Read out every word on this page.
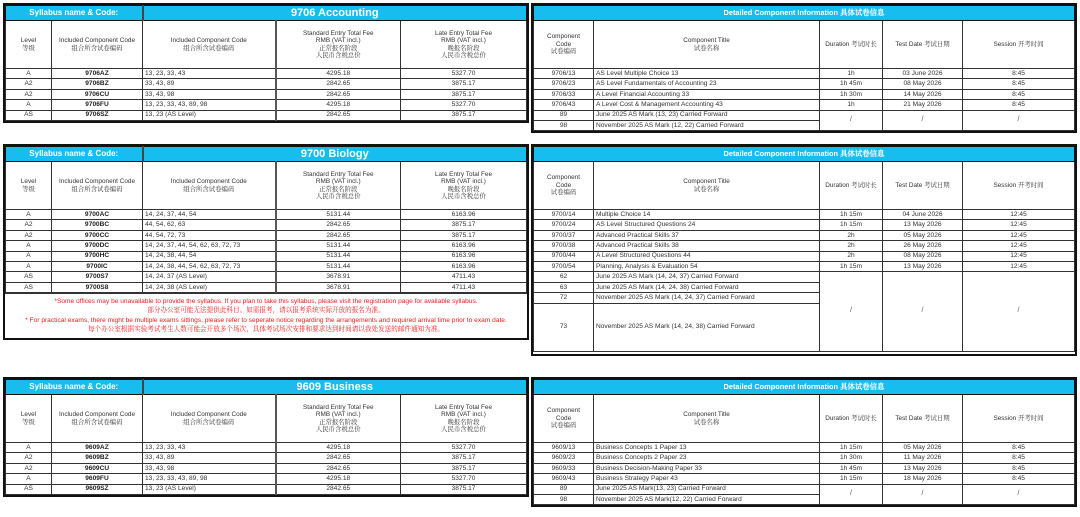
Syllabus name & Code:		9706 Accounting		
Level
等级	Included Component Code
组合所含试卷编码	Included Component Code
组合所含试卷编码	Standard Entry Total Fee
RMB (VAT incl.)
正常报名阶段
人民币含税总价	Late Entry Total Fee
RMB (VAT incl.)
晚报名阶段
人民币含税总价
A	9706AZ	13, 23, 33, 43	4295.18	5327.70
A2	9706BZ	33, 43, 89	2842.65	3875.17
A2	9706CU	33, 43, 98	2842.65	3875.17
A	9706FU	13, 23, 33, 43, 89, 98	4295.18	5327.70
AS	9706SZ	13, 23 (AS Level)	2842.65	3875.17
Detailed Component Information 具体试卷信息				
Component
Code
试卷编码	Component Title
试卷名称	Duration 考试时长	Test Date 考试日期	Session 开考时间
9706/13	AS Level Multiple Choice 13	1h	03 June 2026	8:45
9706/23	AS Level Fundamentals of Accounting 23	1h 45m	08 May 2026	8:45
9706/33	A Level Financial Accounting 33	1h 30m	14 May 2026	8:45
9706/43	A Level Cost & Management Accounting 43	1h	21 May 2026	8:45
89	June 2025 AS Mark (13, 23) Carried Forward	/	/	/
98	November 2025 AS Mark (12, 22) Carried Forward			
Syllabus name & Code:		9700 Biology		
Level
等级	Included Component Code
组合所含试卷编码	Included Component Code
组合所含试卷编码	Standard Entry Total Fee
RMB (VAT incl.)
正常报名阶段
人民币含税总价	Late Entry Total Fee
RMB (VAT incl.)
晚报名阶段
人民币含税总价
A	9700AC	14, 24, 37, 44, 54	5131.44	6163.96
A2	9700BC	44, 54, 62, 63	2842.65	3875.17
A2	9700CC	44, 54, 72, 73	2842.65	3875.17
A	9700DC	14, 24, 37, 44, 54, 62, 63, 72, 73	5131.44	6163.96
A	9700HC	14, 24, 38, 44, 54	5131.44	6163.96
A	9700IC	14, 24, 38, 44, 54, 62, 63, 72, 73	5131.44	6163.96
AS	9700S7	14, 24, 37 (AS Level)	3678.91	4711.43
AS	9700S8	14, 24, 38 (AS Level)	3678.91	4711.43
*Some offices may be unavailable to provide the syllabus. If you plan to take this syllabus, please visit the registration page for available syllabus.
部分办公室可能无法提供此科目。如需报考，请以报考系统实际开放的报名为准。
* For practical exams, there might be multiple exams sittings, please refer to seperate notice regarding the arrangements and required arrival time prior to exam date.
每个办公室根据实验考试考生人数可能会开放多个场次，具体考试场次安排和要求达到时间请以我处发送的邮件通知为准。
Detailed Component Information 具体试卷信息				
Component
Code
试卷编码	Component Title
试卷名称	Duration 考试时长	Test Date 考试日期	Session 开考时间
9700/14	Multiple Choice 14	1h 15m	04 June 2026	12:45
9700/24	AS Level Structured Questions 24	1h 15m	13 May 2026	12:45
9700/37	Advanced Practical Skills 37	2h	05 May 2026	12:45
9700/38	Advanced Practical Skills 38	2h	26 May 2026	12:45
9700/44	A Level Structured Questions 44	2h	08 May 2026	12:45
9700/54	Planning, Analysis & Evaluation 54	1h 15m	13 May 2026	12:45
62	June 2025 AS Mark (14, 24, 37) Carried Forward	/	/	/
63	June 2025 AS Mark (14, 24, 38) Carried Forward			
72	November 2025 AS Mark (14, 24, 37) Carried Forward			
73	November 2025 AS Mark (14, 24, 38) Carried Forward			
Syllabus name & Code:		9609 Business		
Level
等级	Included Component Code
组合所含试卷编码	Included Component Code
组合所含试卷编码	Standard Entry Total Fee
RMB (VAT incl.)
正常报名阶段
人民币含税总价	Late Entry Total Fee
RMB (VAT incl.)
晚报名阶段
人民币含税总价
A	9609AZ	13, 23, 33, 43	4295.18	5327.70
A2	9609BZ	33, 43, 89	2842.65	3875.17
A2	9609CU	33, 43, 98	2842.65	3875.17
A	9609FU	13, 23, 33, 43, 89, 98	4295.18	5327.70
AS	9609SZ	13, 23 (AS Level)	2842.65	3875.17
Detailed Component Information 具体试卷信息				
Component
Code
试卷编码	Component Title
试卷名称	Duration 考试时长	Test Date 考试日期	Session 开考时间
9609/13	Business Concepts 1 Paper 13	1h 15m	05 May 2026	8:45
9609/23	Business Concepts 2 Paper 23	1h 30m	11 May 2026	8:45
9609/33	Business Decision-Making Paper 33	1h 45m	13 May 2026	8:45
9609/43	Business Strategy Paper 43	1h 15m	18 May 2026	8:45
89	June 2025 AS Mark(13, 23) Carried Forward	/	/	/
98	November 2025 AS Mark(12, 22) Carried Forward			
